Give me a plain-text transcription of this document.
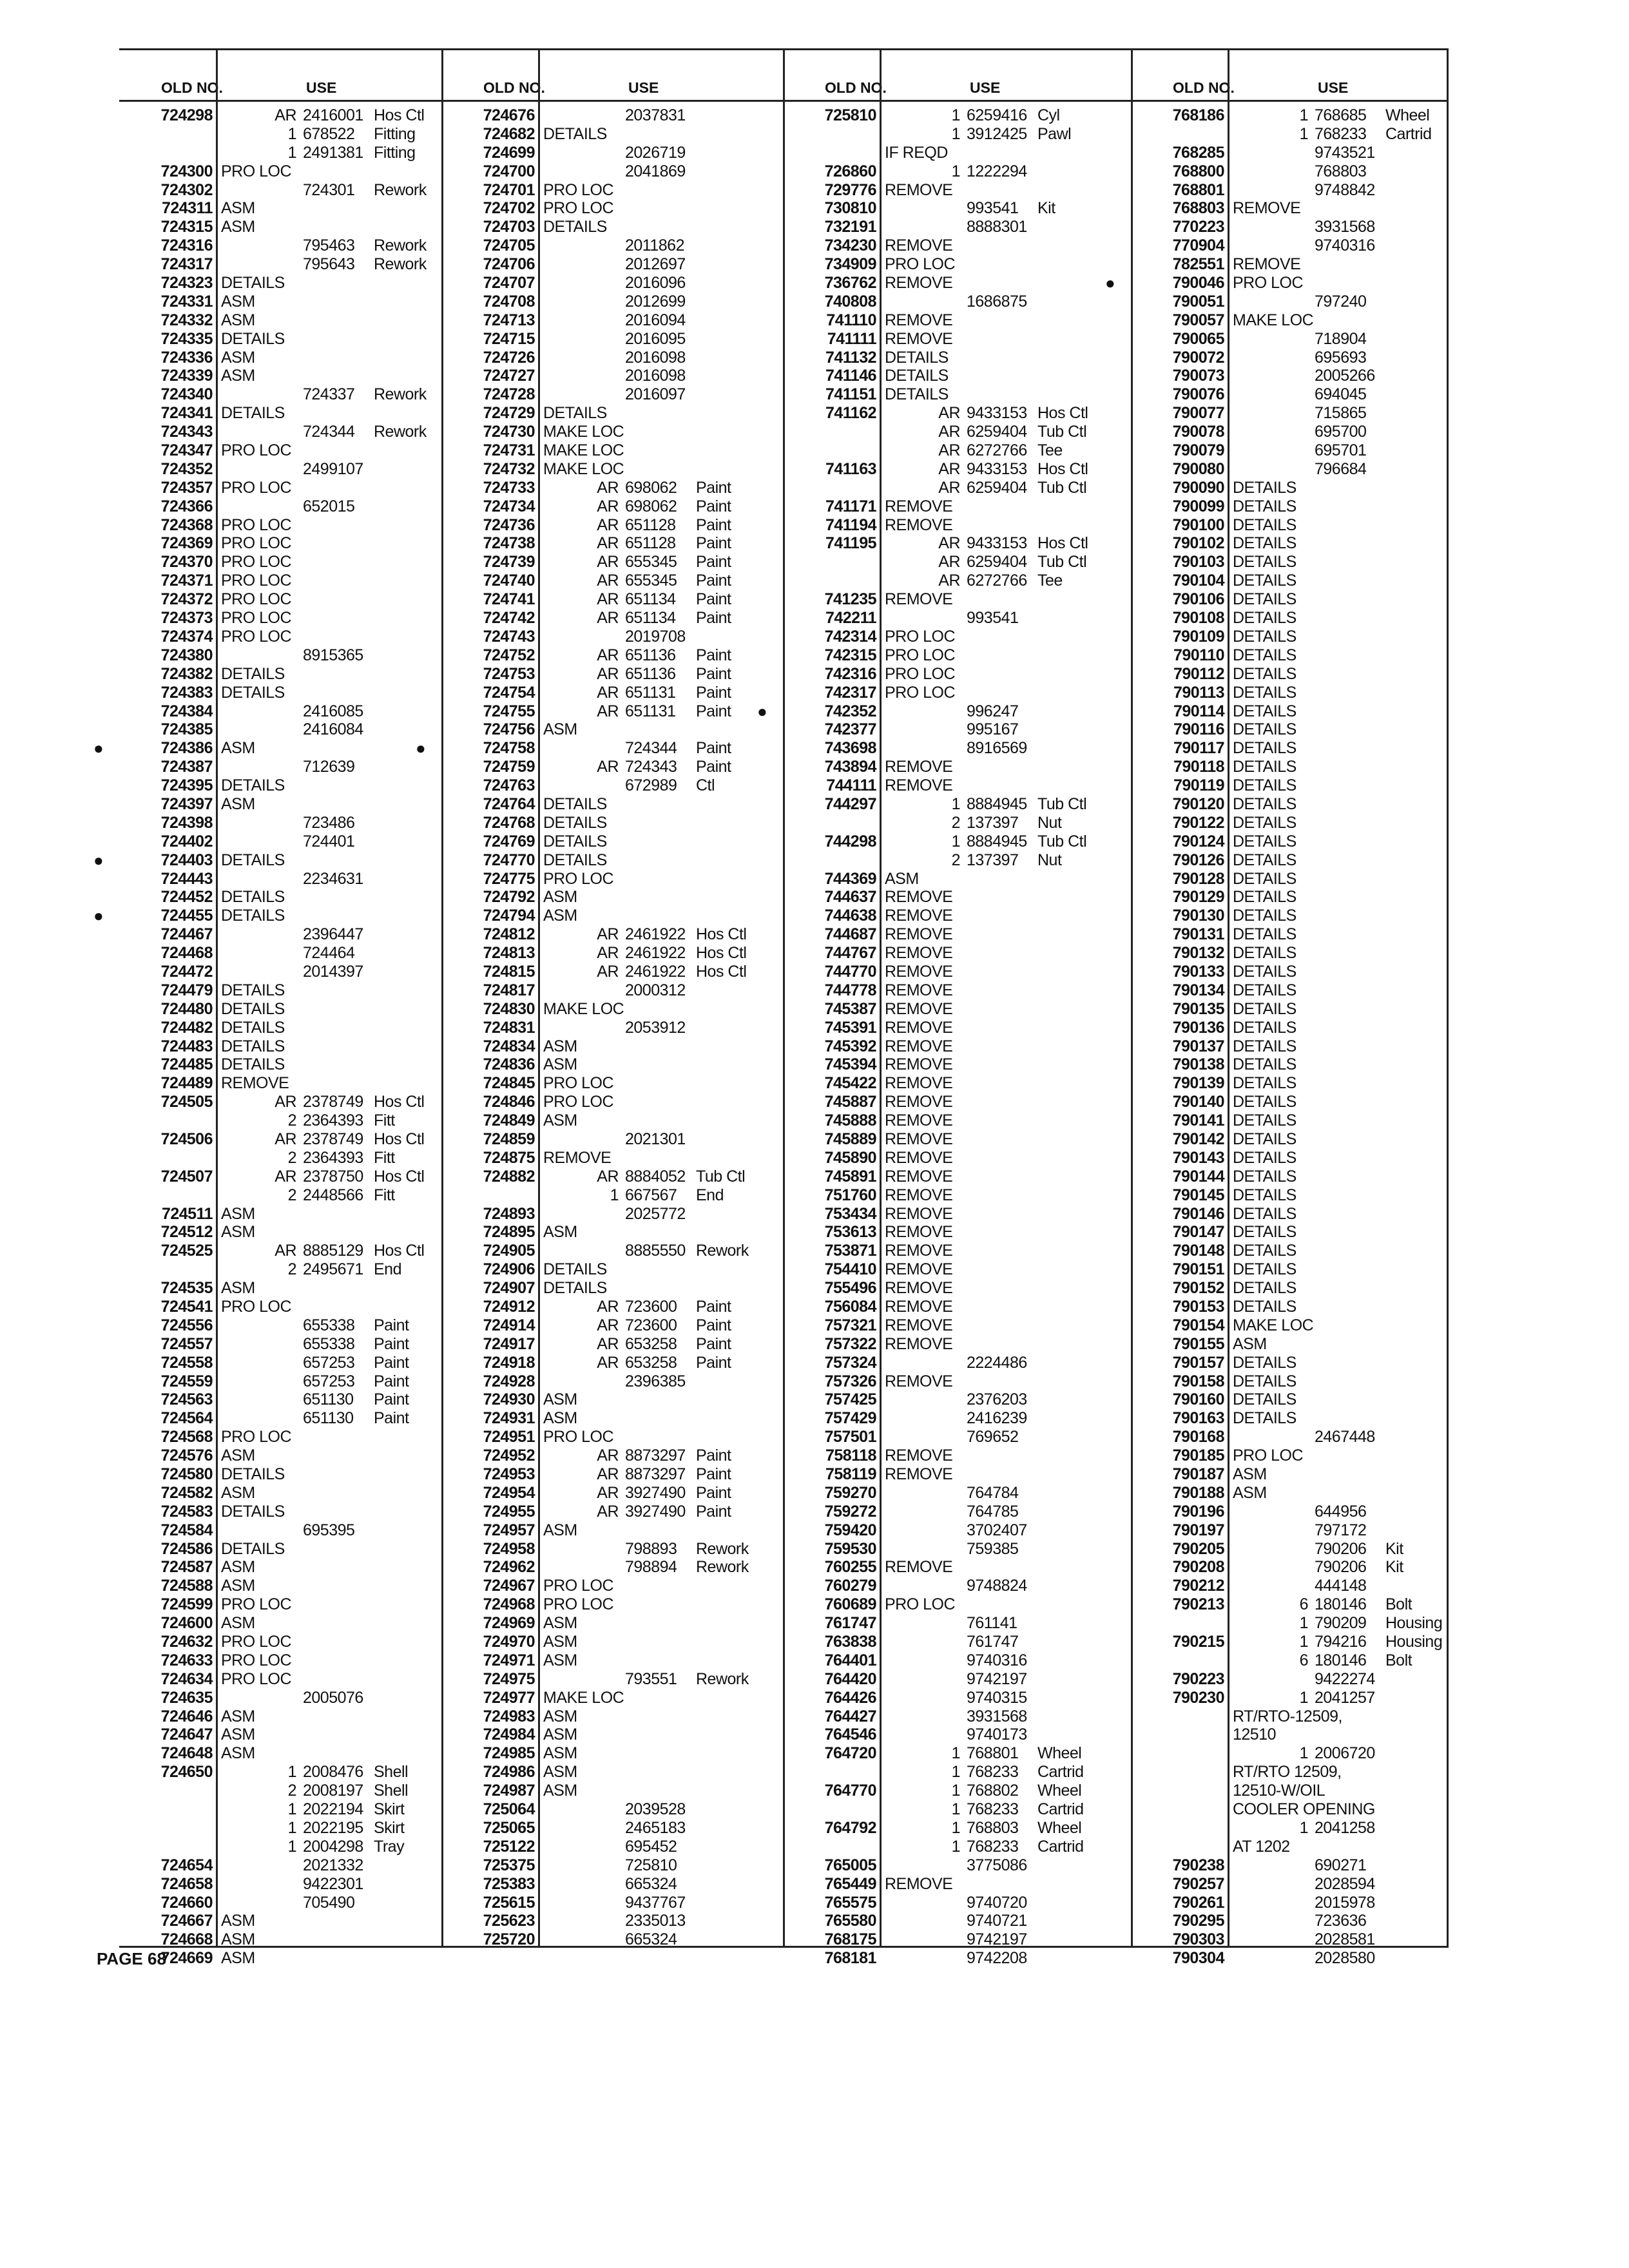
OLD NO.	USE
724298	AR 2416001 Hos Ctl
1 678522 Fitting
1 2491381 Fitting
724300 PRO LOC
724302	724301 Rework
724311 ASM
724315 ASM
724316	795463 Rework
724317	795643 Rework
724323 DETAILS
724331 ASM
724332 ASM
724335 DETAILS
724336 ASM
724339 ASM
724340	724337 Rework
724341 DETAILS
724343	724344 Rework
724347 PRO LOC
724352	2499107
724357 PRO LOC
724366	652015
724368 PRO LOC
724369 PRO LOC
724370 PRO LOC
724371 PRO LOC
724372 PRO LOC
724373 PRO LOC
724374 PRO LOC
724380	8915365
724382 DETAILS
724383 DETAILS
724384	2416085
724385	2416084
●	724386 ASM
724387	712639
724395 DETAILS
724397 ASM
724398	723486
724402	724401
●	724403 DETAILS
724443	2234631
724452 DETAILS
●	724455 DETAILS
724467	2396447
724468	724464
724472	2014397
724479 DETAILS
724480 DETAILS
724482 DETAILS
724483 DETAILS
724485 DETAILS
724489 REMOVE
724505	AR 2378749 Hos Ctl
2 2364393 Fitt
724506	AR 2378749 Hos Ctl
2 2364393 Fitt
724507	AR 2378750 Hos Ctl
2 2448566 Fitt
724511 ASM
724512 ASM
724525	AR 8885129 Hos Ctl
2 2495671 End
724535 ASM
724541 PRO LOC
724556	655338 Paint
724557	655338 Paint
724558	657253 Paint
724559	657253 Paint
724563	651130 Paint
724564	651130 Paint
724568 PRO LOC
724576 ASM
724580 DETAILS
724582 ASM
724583 DETAILS
724584	695395
724586 DETAILS
724587 ASM
724588 ASM
724599 PRO LOC
724600 ASM
724632 PRO LOC
724633 PRO LOC
724634 PRO LOC
724635	2005076
724646 ASM
724647 ASM
724648 ASM
724650	1 2008476 Shell
2 2008197 Shell
1 2022194 Skirt
1 2022195 Skirt
1 2004298 Tray
724654	2021332
724658	9422301
724660	705490
724667 ASM
724668 ASM
724669 ASM
OLD NO.	USE
724676	2037831
724682 DETAILS
724699	2026719
724700	2041869
724701 PRO LOC
724702 PRO LOC
724703 DETAILS
724705	2011862
724706	2012697
724707	2016096
724708	2012699
724713	2016094
724715	2016095
724726	2016098
724727	2016098
724728	2016097
724729 DETAILS
724730 MAKE LOC
724731 MAKE LOC
724732 MAKE LOC
724733	AR 698062 Paint
724734	AR 698062 Paint
724736	AR 651128 Paint
724738	AR 651128 Paint
724739	AR 655345 Paint
724740	AR 655345 Paint
724741	AR 651134 Paint
724742	AR 651134 Paint
724743	2019708
724752	AR 651136 Paint
724753	AR 651136 Paint
724754	AR 651131 Paint
724755	AR 651131 Paint
724756 ASM
●	724758	724344 Paint
724759	AR 724343 Paint
724763	672989 Ctl
724764 DETAILS
724768 DETAILS
724769 DETAILS
724770 DETAILS
724775 PRO LOC
724792 ASM
724794 ASM
724812	AR 2461922 Hos Ctl
724813	AR 2461922 Hos Ctl
724815	AR 2461922 Hos Ctl
724817	2000312
724830 MAKE LOC
724831	2053912
724834 ASM
724836 ASM
724845 PRO LOC
724846 PRO LOC
724849 ASM
724859	2021301
724875 REMOVE
724882	AR 8884052 Tub Ctl
1 667567 End
724893	2025772
724895 ASM
724905	8885550 Rework
724906 DETAILS
724907 DETAILS
724912	AR 723600 Paint
724914	AR 723600 Paint
724917	AR 653258 Paint
724918	AR 653258 Paint
724928	2396385
724930 ASM
724931 ASM
724951 PRO LOC
724952	AR 8873297 Paint
724953	AR 8873297 Paint
724954	AR 3927490 Paint
724955	AR 3927490 Paint
724957 ASM
724958	798893 Rework
724962	798894 Rework
724967 PRO LOC
724968 PRO LOC
724969 ASM
724970 ASM
724971 ASM
724975	793551 Rework
724977 MAKE LOC
724983 ASM
724984 ASM
724985 ASM
724986 ASM
724987 ASM
725064	2039528
725065	2465183
725122	695452
725375	725810
725383	665324
725615	9437767
725623	2335013
725720	665324
OLD NO.	USE
725810	1 6259416 Cyl
1 3912425 Pawl
IF REQD
726860	1 1222294
729776 REMOVE
730810	993541 Kit
732191	8888301
734230 REMOVE
734909 PRO LOC
736762 REMOVE
740808	1686875
741110 REMOVE
741111 REMOVE
741132 DETAILS
741146 DETAILS
741151 DETAILS
741162	AR 9433153 Hos Ctl
AR 6259404 Tub Ctl
AR 6272766 Tee
741163	AR 9433153 Hos Ctl
AR 6259404 Tub Ctl
741171 REMOVE
741194 REMOVE
741195	AR 9433153 Hos Ctl
AR 6259404 Tub Ctl
AR 6272766 Tee
741235 REMOVE
742211	993541
742314 PRO LOC
742315 PRO LOC
742316 PRO LOC
742317 PRO LOC
●	742352	996247
742377	995167
743698	8916569
743894 REMOVE
744111 REMOVE
744297	1 8884945 Tub Ctl
2 137397 Nut
744298	1 8884945 Tub Ctl
2 137397 Nut
744369 ASM
744637 REMOVE
744638 REMOVE
744687 REMOVE
744767 REMOVE
744770 REMOVE
744778 REMOVE
745387 REMOVE
745391 REMOVE
745392 REMOVE
745394 REMOVE
745422 REMOVE
745887 REMOVE
745888 REMOVE
745889 REMOVE
745890 REMOVE
745891 REMOVE
751760 REMOVE
753434 REMOVE
753613 REMOVE
753871 REMOVE
754410 REMOVE
755496 REMOVE
756084 REMOVE
757321 REMOVE
757322 REMOVE
757324	2224486
757326 REMOVE
757425	2376203
757429	2416239
757501	769652
758118 REMOVE
758119 REMOVE
759270	764784
759272	764785
759420	3702407
759530	759385
760255 REMOVE
760279	9748824
760689 PRO LOC
761747	761141
763838	761747
764401	9740316
764420	9742197
764426	9740315
764427	3931568
764546	9740173
764720	1 768801 Wheel
1 768233 Cartrid
764770	1 768802 Wheel
1 768233 Cartrid
764792	1 768803 Wheel
1 768233 Cartrid
765005	3775086
765449 REMOVE
765575	9740720
765580	9740721
768175	9742197
768181	9742208
OLD NO.	USE
768186	1 768685 Wheel
1 768233 Cartrid
768285	9743521
768800	768803
768801	9748842
768803 REMOVE
770223	3931568
770904	9740316
782551 REMOVE
●	790046 PRO LOC
790051	797240
790057 MAKE LOC
790065	718904
790072	695693
790073	2005266
790076	694045
790077	715865
790078	695700
790079	695701
790080	796684
790090 DETAILS
790099 DETAILS
790100 DETAILS
790102 DETAILS
790103 DETAILS
790104 DETAILS
790106 DETAILS
790108 DETAILS
790109 DETAILS
790110 DETAILS
790112 DETAILS
790113 DETAILS
790114 DETAILS
790116 DETAILS
790117 DETAILS
790118 DETAILS
790119 DETAILS
790120 DETAILS
790122 DETAILS
790124 DETAILS
790126 DETAILS
790128 DETAILS
790129 DETAILS
790130 DETAILS
790131 DETAILS
790132 DETAILS
790133 DETAILS
790134 DETAILS
790135 DETAILS
790136 DETAILS
790137 DETAILS
790138 DETAILS
790139 DETAILS
790140 DETAILS
790141 DETAILS
790142 DETAILS
790143 DETAILS
790144 DETAILS
790145 DETAILS
790146 DETAILS
790147 DETAILS
790148 DETAILS
790151 DETAILS
790152 DETAILS
790153 DETAILS
790154 MAKE LOC
790155 ASM
790157 DETAILS
790158 DETAILS
790160 DETAILS
790163 DETAILS
790168	2467448
790185 PRO LOC
790187 ASM
790188 ASM
790196	644956
790197	797172
790205	790206 Kit
790208	790206 Kit
790212	444148
790213	6 180146 Bolt
1 790209 Housing
790215	1 794216 Housing
6 180146 Bolt
790223	9422274
790230	1 2041257
RT/RTO-12509,
12510
1 2006720
RT/RTO 12509,
12510-W/OIL
COOLER OPENING
1 2041258
AT 1202
790238	690271
790257	2028594
790261	2015978
790295	723636
790303	2028581
790304	2028580
PAGE 68
